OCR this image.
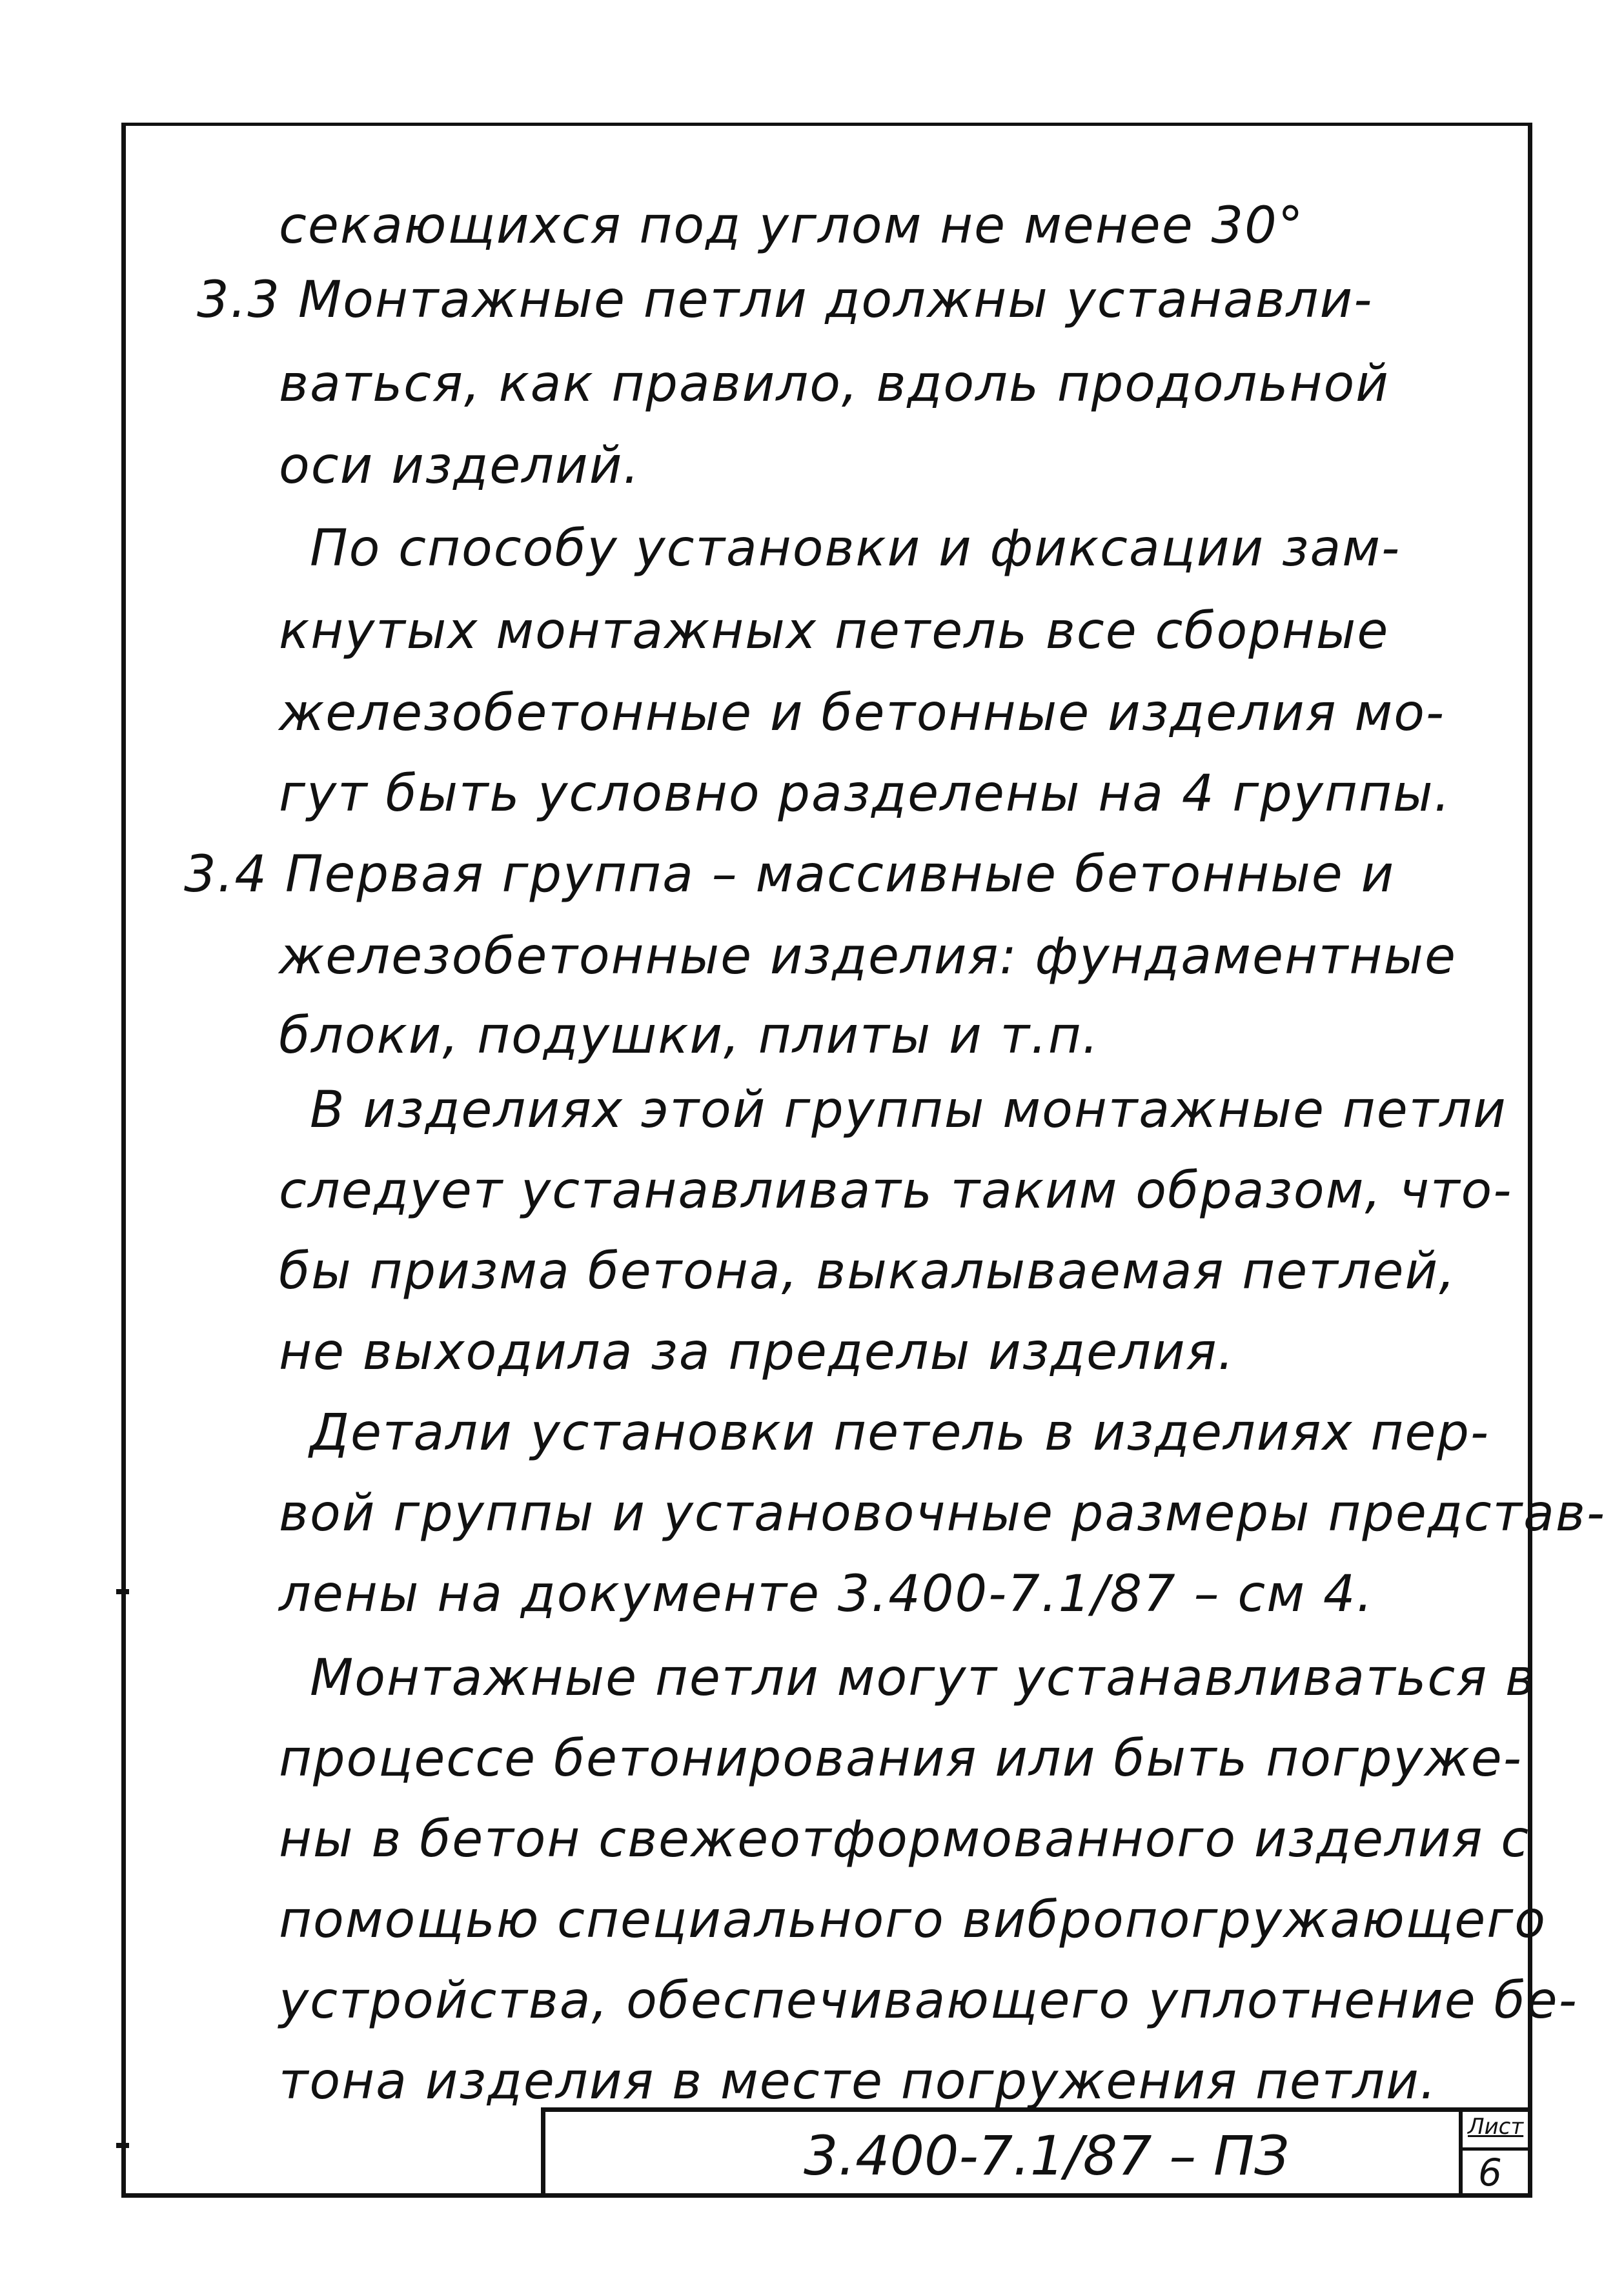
секающихся под углом не менее 30°
3.3 Монтажные петли должны устанавли-
ваться, как правило, вдоль продольной
оси изделий.
По способу установки и фиксации зам-
кнутых монтажных петель все сборные
железобетонные и бетонные изделия мо-
гут быть условно разделены на 4 группы.
3.4 Первая группа – массивные бетонные и
железобетонные изделия: фундаментные
блоки, подушки, плиты и т.п.
В изделиях этой группы монтажные петли
следует устанавливать таким образом, что-
бы призма бетона, выкалываемая петлей,
не выходила за пределы изделия.
Детали установки петель в изделиях пер-
вой группы и установочные размеры представ-
лены на документе 3.400-7.1/87 – см 4.
Монтажные петли могут устанавливаться в
процессе бетонирования или быть погруже-
ны в бетон свежеотформованного изделия с
помощью специального вибропогружающего
устройства, обеспечивающего уплотнение бе-
тона изделия в месте погружения петли.
3.400-7.1/87 – ПЗ	Лист
6
